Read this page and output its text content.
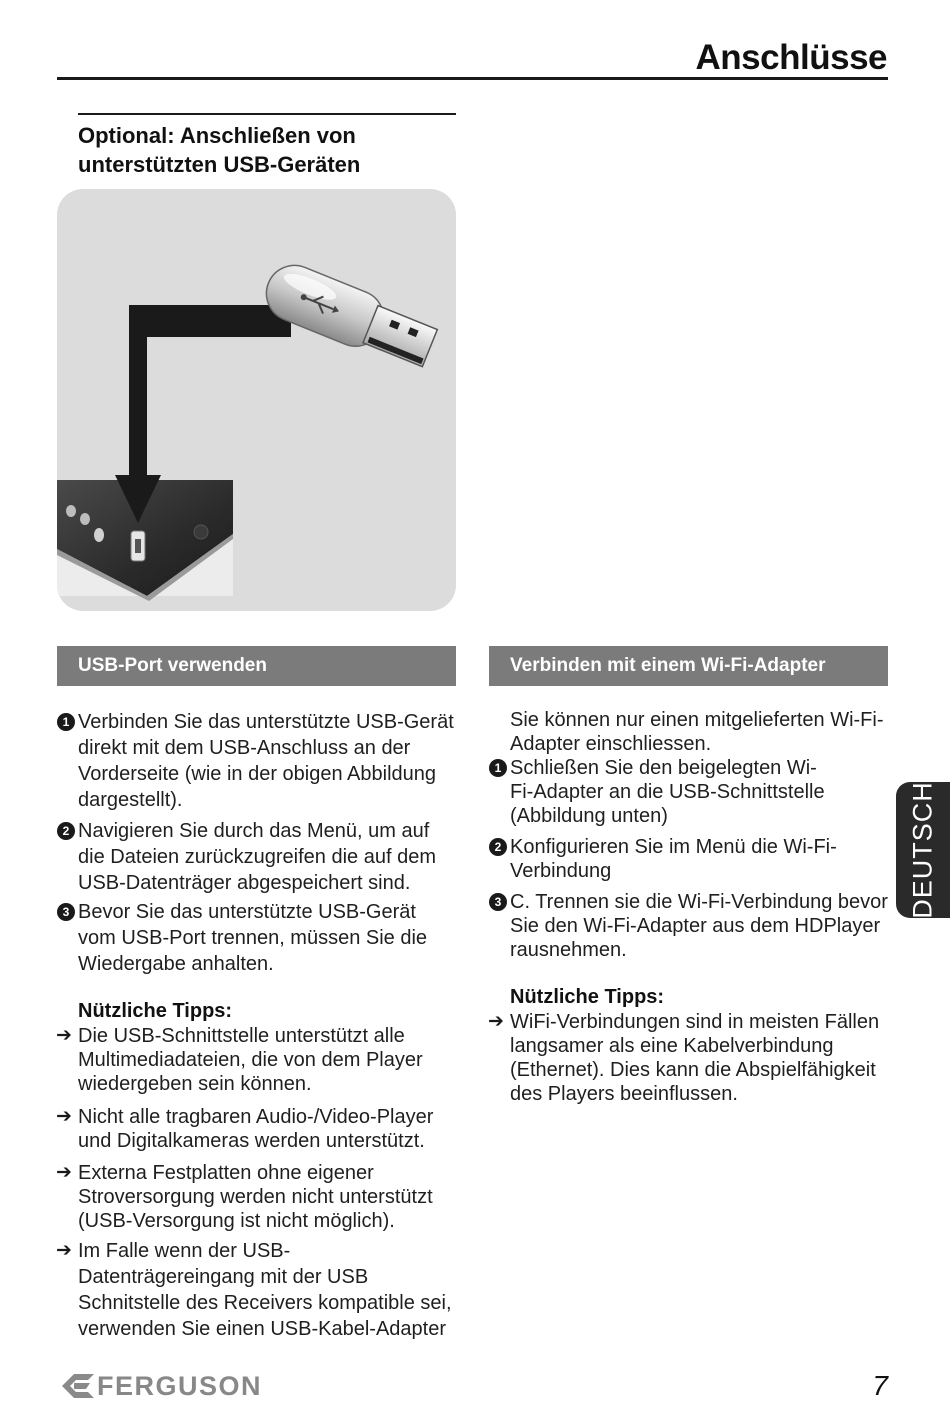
Anschlüsse
Optional: Anschließen von
unterstützten USB-Geräten
USB-Port verwenden
1 Verbinden Sie das unterstützte USB-Gerät
direkt mit dem USB-Anschluss an der
Vorderseite (wie in der obigen Abbildung
dargestellt).
2 Navigieren Sie durch das Menü, um auf
die Dateien zurückzugreifen die auf dem
USB-Datenträger abgespeichert sind.
3 Bevor Sie das unterstützte USB-Gerät
vom USB-Port trennen, müssen Sie die
Wiedergabe anhalten.
Nützliche Tipps:
➔ Die USB-Schnittstelle unterstützt alle
Multimediadateien, die von dem Player
wiedergeben sein können.
➔ Nicht alle tragbaren Audio-/Video-Player
und Digitalkameras werden unterstützt.
➔ Externa Festplatten ohne eigener
Stroversorgung werden nicht unterstützt
(USB-Versorgung ist nicht möglich).
➔ Im Falle wenn der USB-
Datenträgereingang mit der USB
Schnitstelle des Receivers kompatible sei,
verwenden Sie einen USB-Kabel-Adapter
Verbinden mit einem Wi-Fi-Adapter
Sie können nur einen mitgelieferten Wi-Fi-
Adapter einschliessen.
1 Schließen Sie den beigelegten Wi-
Fi-Adapter an die USB-Schnittstelle
(Abbildung unten)
2 Konfigurieren Sie im Menü die Wi-Fi-
Verbindung
3 C. Trennen sie die Wi-Fi-Verbindung bevor
Sie den Wi-Fi-Adapter aus dem HDPlayer
rausnehmen.
Nützliche Tipps:
➔ WiFi-Verbindungen sind in meisten Fällen
langsamer als eine Kabelverbindung
(Ethernet). Dies kann die Abspielfähigkeit
des Players beeinflussen.
DEUTSCH
FERGUSON	7
